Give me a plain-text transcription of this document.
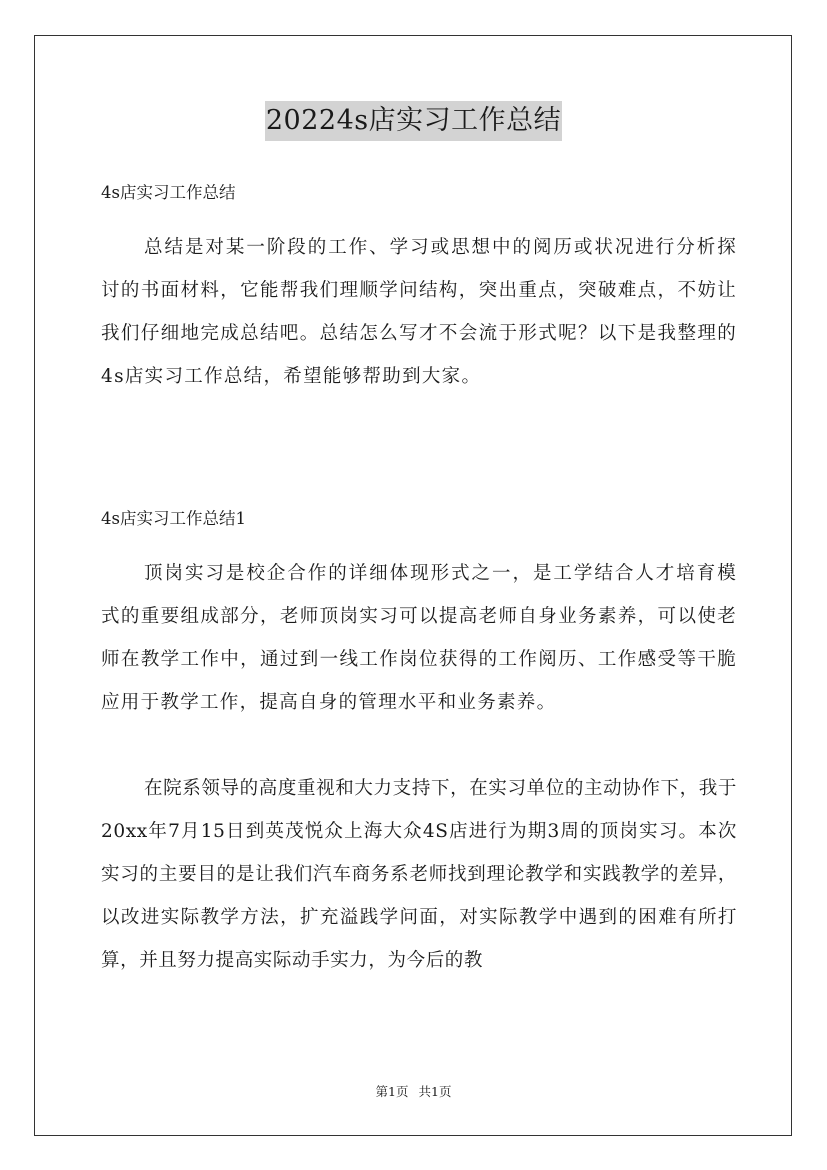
20224s店实习工作总结
4s店实习工作总结

总结是对某一阶段的工作、学习或思想中的阅历或状况进行分析探讨的书面材料，它能帮我们理顺学问结构，突出重点，突破难点，不妨让我们仔细地完成总结吧。总结怎么写才不会流于形式呢？以下是我整理的4s店实习工作总结，希望能够帮助到大家。

4s店实习工作总结1

顶岗实习是校企合作的详细体现形式之一，是工学结合人才培育模式的重要组成部分，老师顶岗实习可以提高老师自身业务素养，可以使老师在教学工作中，通过到一线工作岗位获得的工作阅历、工作感受等干脆应用于教学工作，提高自身的管理水平和业务素养。

在院系领导的高度重视和大力支持下，在实习单位的主动协作下，我于20xx年7月15日到英茂悦众上海大众4S店进行为期3周的顶岗实习。本次实习的主要目的是让我们汽车商务系老师找到理论教学和实践教学的差异，以改进实际教学方法，扩充溢践学问面，对实际教学中遇到的困难有所打算，并且努力提高实际动手实力，为今后的教

第1页 共1页
